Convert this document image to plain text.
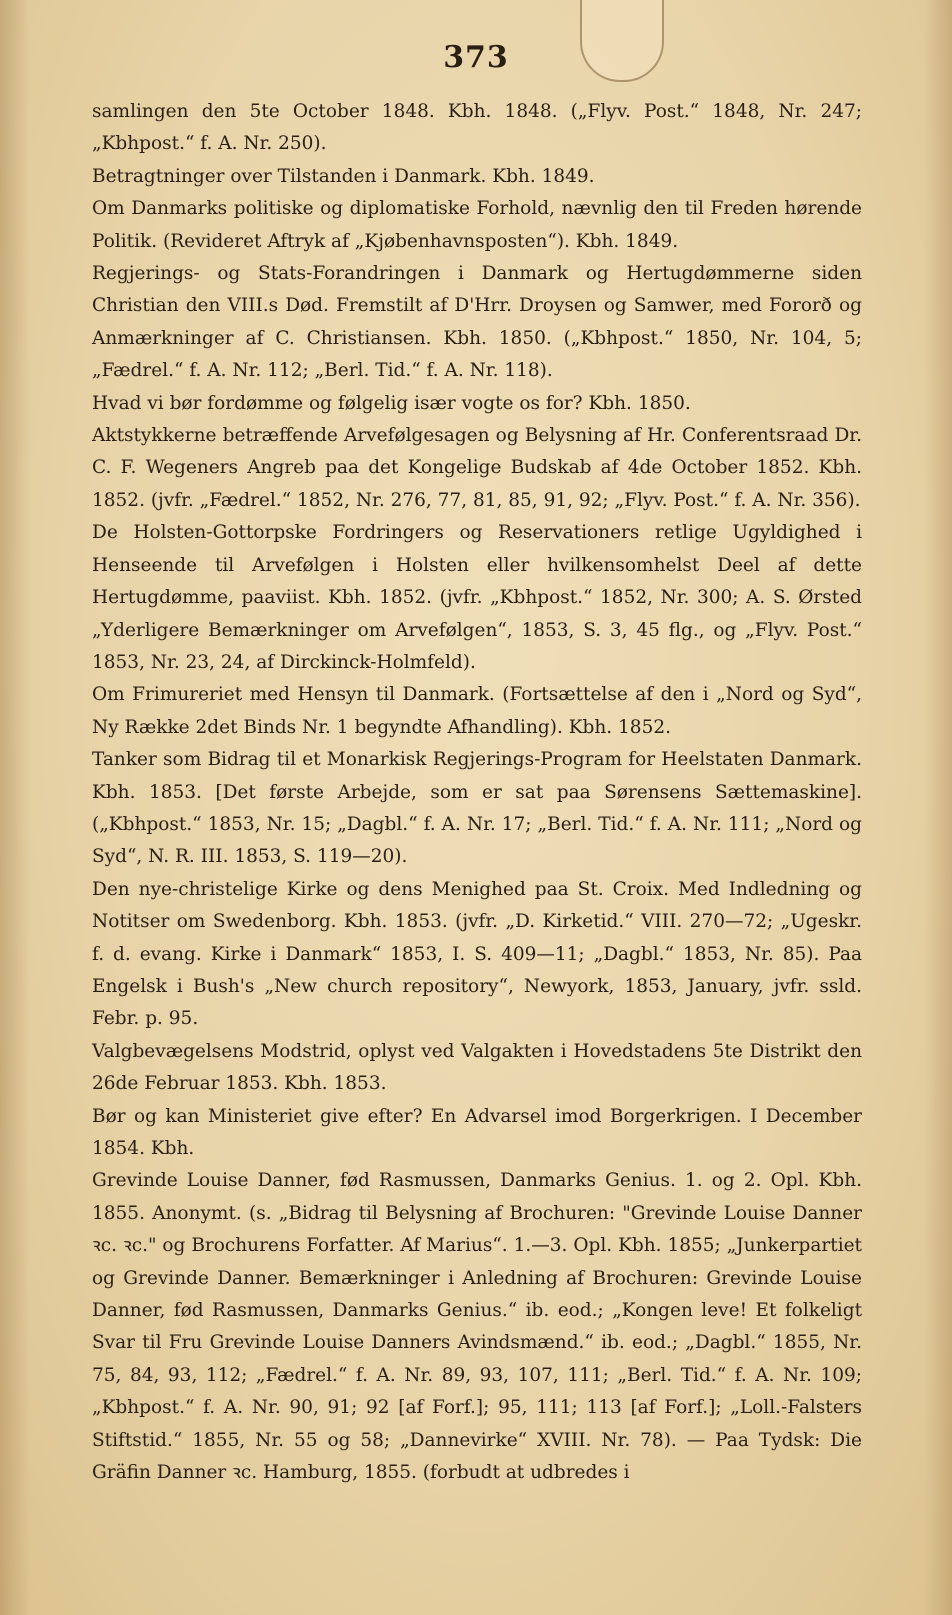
373

samlingen den 5te October 1848. Kbh. 1848. („Flyv. Post.“ 1848, Nr. 247; „Kbhpost.“ f. A. Nr. 250).

Betragtninger over Tilstanden i Danmark. Kbh. 1849.

Om Danmarks politiske og diplomatiske Forhold, nævnlig den til Freden hørende Politik. (Revideret Aftryk af „Kjøbenhavnsposten“). Kbh. 1849.

Regjerings- og Stats-Forandringen i Danmark og Hertugdømmerne siden Christian den VIII.s Død. Fremstilt af D'Hrr. Droysen og Samwer, med Fororð og Anmærkninger af C. Christiansen. Kbh. 1850. („Kbhpost.“ 1850, Nr. 104, 5; „Fædrel.“ f. A. Nr. 112; „Berl. Tid.“ f. A. Nr. 118).

Hvad vi bør fordømme og følgelig især vogte os for? Kbh. 1850.

Aktstykkerne betræffende Arvefølgesagen og Belysning af Hr. Conferentsraad Dr. C. F. Wegeners Angreb paa det Kongelige Budskab af 4de October 1852. Kbh. 1852. (jvfr. „Fædrel.“ 1852, Nr. 276, 77, 81, 85, 91, 92; „Flyv. Post.“ f. A. Nr. 356).

De Holsten-Gottorpske Fordringers og Reservationers retlige Ugyldighed i Henseende til Arvefølgen i Holsten eller hvilkensomhelst Deel af dette Hertugdømme, paaviist. Kbh. 1852. (jvfr. „Kbhpost.“ 1852, Nr. 300; A. S. Ørsted „Yderligere Bemærkninger om Arvefølgen“, 1853, S. 3, 45 flg., og „Flyv. Post.“ 1853, Nr. 23, 24, af Dirckinck-Holmfeld).

Om Frimureriet med Hensyn til Danmark. (Fortsættelse af den i „Nord og Syd“, Ny Række 2det Binds Nr. 1 begyndte Afhandling). Kbh. 1852.

Tanker som Bidrag til et Monarkisk Regjerings-Program for Heelstaten Danmark. Kbh. 1853. [Det første Arbejde, som er sat paa Sørensens Sættemaskine]. („Kbhpost.“ 1853, Nr. 15; „Dagbl.“ f. A. Nr. 17; „Berl. Tid.“ f. A. Nr. 111; „Nord og Syd“, N. R. III. 1853, S. 119—20).

Den nye-christelige Kirke og dens Menighed paa St. Croix. Med Indledning og Notitser om Swedenborg. Kbh. 1853. (jvfr. „D. Kirketid.“ VIII. 270—72; „Ugeskr. f. d. evang. Kirke i Danmark“ 1853, I. S. 409—11; „Dagbl.“ 1853, Nr. 85). Paa Engelsk i Bush's „New church repository“, Newyork, 1853, January, jvfr. ssld. Febr. p. 95.

Valgbevægelsens Modstrid, oplyst ved Valgakten i Hovedstadens 5te Distrikt den 26de Februar 1853. Kbh. 1853.

Bør og kan Ministeriet give efter? En Advarsel imod Borgerkrigen. I December 1854. Kbh.

Grevinde Louise Danner, fød Rasmussen, Danmarks Genius. 1. og 2. Opl. Kbh. 1855. Anonymt. (s. „Bidrag til Belysning af Brochuren: "Grevinde Louise Danner ꝛc. ꝛc." og Brochurens Forfatter. Af Marius“. 1.—3. Opl. Kbh. 1855; „Junkerpartiet og Grevinde Danner. Bemærkninger i Anledning af Brochuren: Grevinde Louise Danner, fød Rasmussen, Danmarks Genius.“ ib. eod.; „Kongen leve! Et folkeligt Svar til Fru Grevinde Louise Danners Avindsmænd.“ ib. eod.; „Dagbl.“ 1855, Nr. 75, 84, 93, 112; „Fædrel.“ f. A. Nr. 89, 93, 107, 111; „Berl. Tid.“ f. A. Nr. 109; „Kbhpost.“ f. A. Nr. 90, 91; 92 [af Forf.]; 95, 111; 113 [af Forf.]; „Loll.-Falsters Stiftstid.“ 1855, Nr. 55 og 58; „Dannevirke“ XVIII. Nr. 78). — Paa Tydsk: Die Gräfin Danner ꝛc. Hamburg, 1855. (forbudt at udbredes i
